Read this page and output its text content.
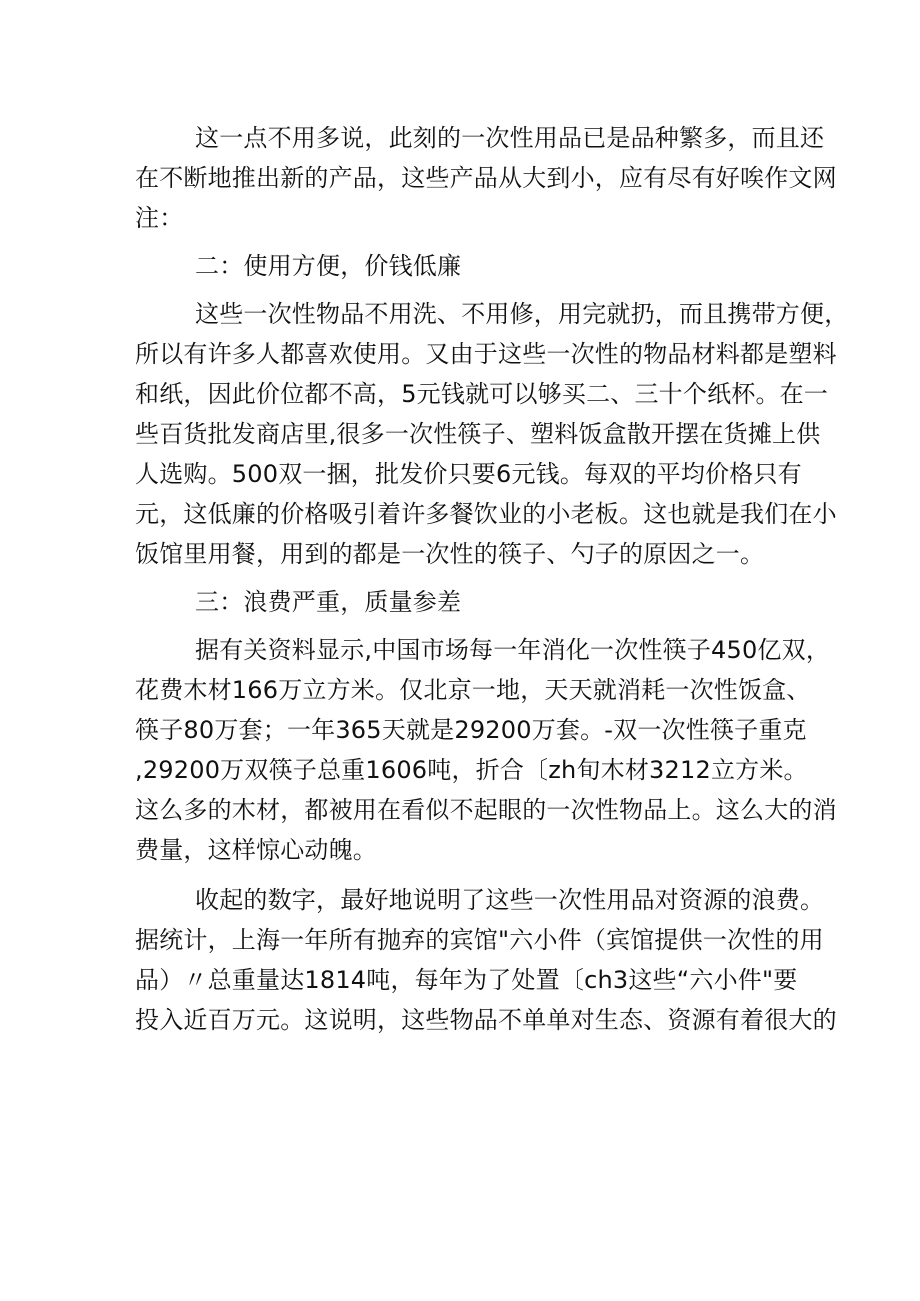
这一点不用多说，此刻的一次性用品已是品种繁多，而且还
在不断地推出新的产品，这些产品从大到小，应有尽有好唉作文网
注：

二：使用方便，价钱低廉

这些一次性物品不用洗、不用修，用完就扔，而且携带方便，
所以有许多人都喜欢使用。又由于这些一次性的物品材料都是塑料
和纸，因此价位都不高，5元钱就可以够买二、三十个纸杯。在一
些百货批发商店里,很多一次性筷子、塑料饭盒散开摆在货摊上供
人选购。500双一捆，批发价只要6元钱。每双的平均价格只有
元，这低廉的价格吸引着许多餐饮业的小老板。这也就是我们在小
饭馆里用餐，用到的都是一次性的筷子、勺子的原因之一。

三：浪费严重，质量参差

据有关资料显示,中国市场每一年消化一次性筷子450亿双，
花费木材166万立方米。仅北京一地，天天就消耗一次性饭盒、
筷子80万套；一年365天就是29200万套。-双一次性筷子重克
,29200万双筷子总重1606吨，折合〔zh旬木材3212立方米。
这么多的木材，都被用在看似不起眼的一次性物品上。这么大的消
费量，这样惊心动魄。

收起的数字，最好地说明了这些一次性用品对资源的浪费。
据统计，上海一年所有抛弃的宾馆"六小件（宾馆提供一次性的用
品）〃总重量达1814吨，每年为了处置〔ch3这些“六小件"要
投入近百万元。这说明，这些物品不单单对生态、资源有着很大的
